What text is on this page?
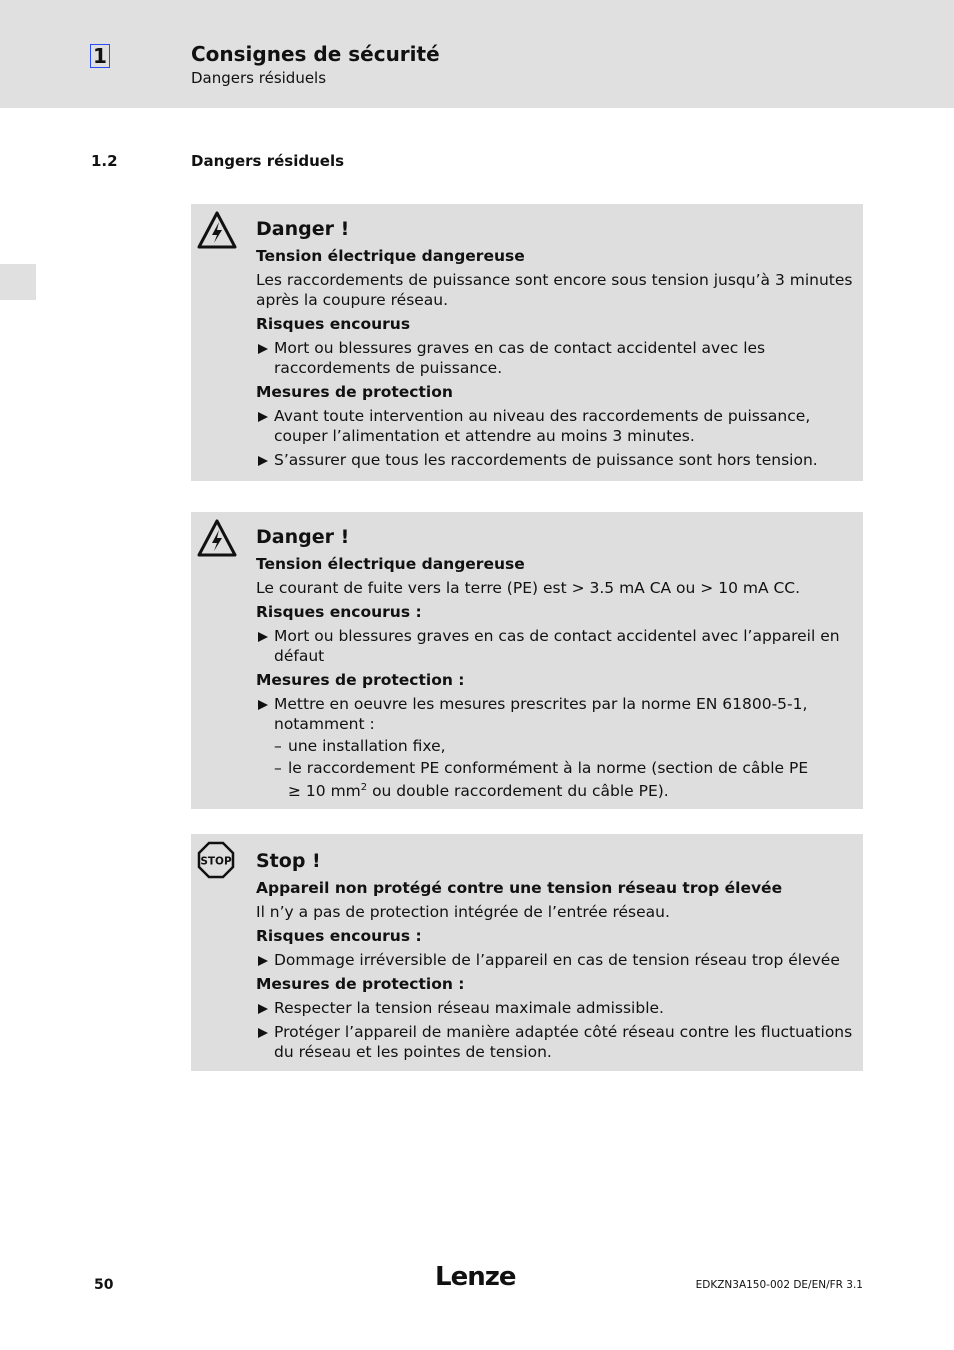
1	Consignes de sécurité
Dangers résiduels
1.2	Dangers résiduels
Danger !
Tension électrique dangereuse

Les raccordements de puissance sont encore sous tension jusqu’à 3 minutes après la coupure réseau.

Risques encourus
Mort ou blessures graves en cas de contact accidentel avec les raccordements de puissance.
Mesures de protection
Avant toute intervention au niveau des raccordements de puissance, couper l’alimentation et attendre au moins 3 minutes.
S’assurer que tous les raccordements de puissance sont hors tension.
Danger !
Tension électrique dangereuse

Le courant de fuite vers la terre (PE) est > 3.5 mA CA ou > 10 mA CC.

Risques encourus :
Mort ou blessures graves en cas de contact accidentel avec l’appareil en défaut
Mesures de protection :
Mettre en oeuvre les mesures prescrites par la norme EN 61800-5-1, notamment :
– une installation fixe,
– le raccordement PE conformément à la norme (section de câble PE
≥ 10 $mm^2$ ou double raccordement du câble PE).
STOP Stop !
Appareil non protégé contre une tension réseau trop élevée

Il n’y a pas de protection intégrée de l’entrée réseau.

Risques encourus :
Dommage irréversible de l’appareil en cas de tension réseau trop élevée
Mesures de protection :
Respecter la tension réseau maximale admissible.
Protéger l’appareil de manière adaptée côté réseau contre les fluctuations du réseau et les pointes de tension.
50	Lenze	EDKZN3A150-002 DE/EN/FR 3.1
